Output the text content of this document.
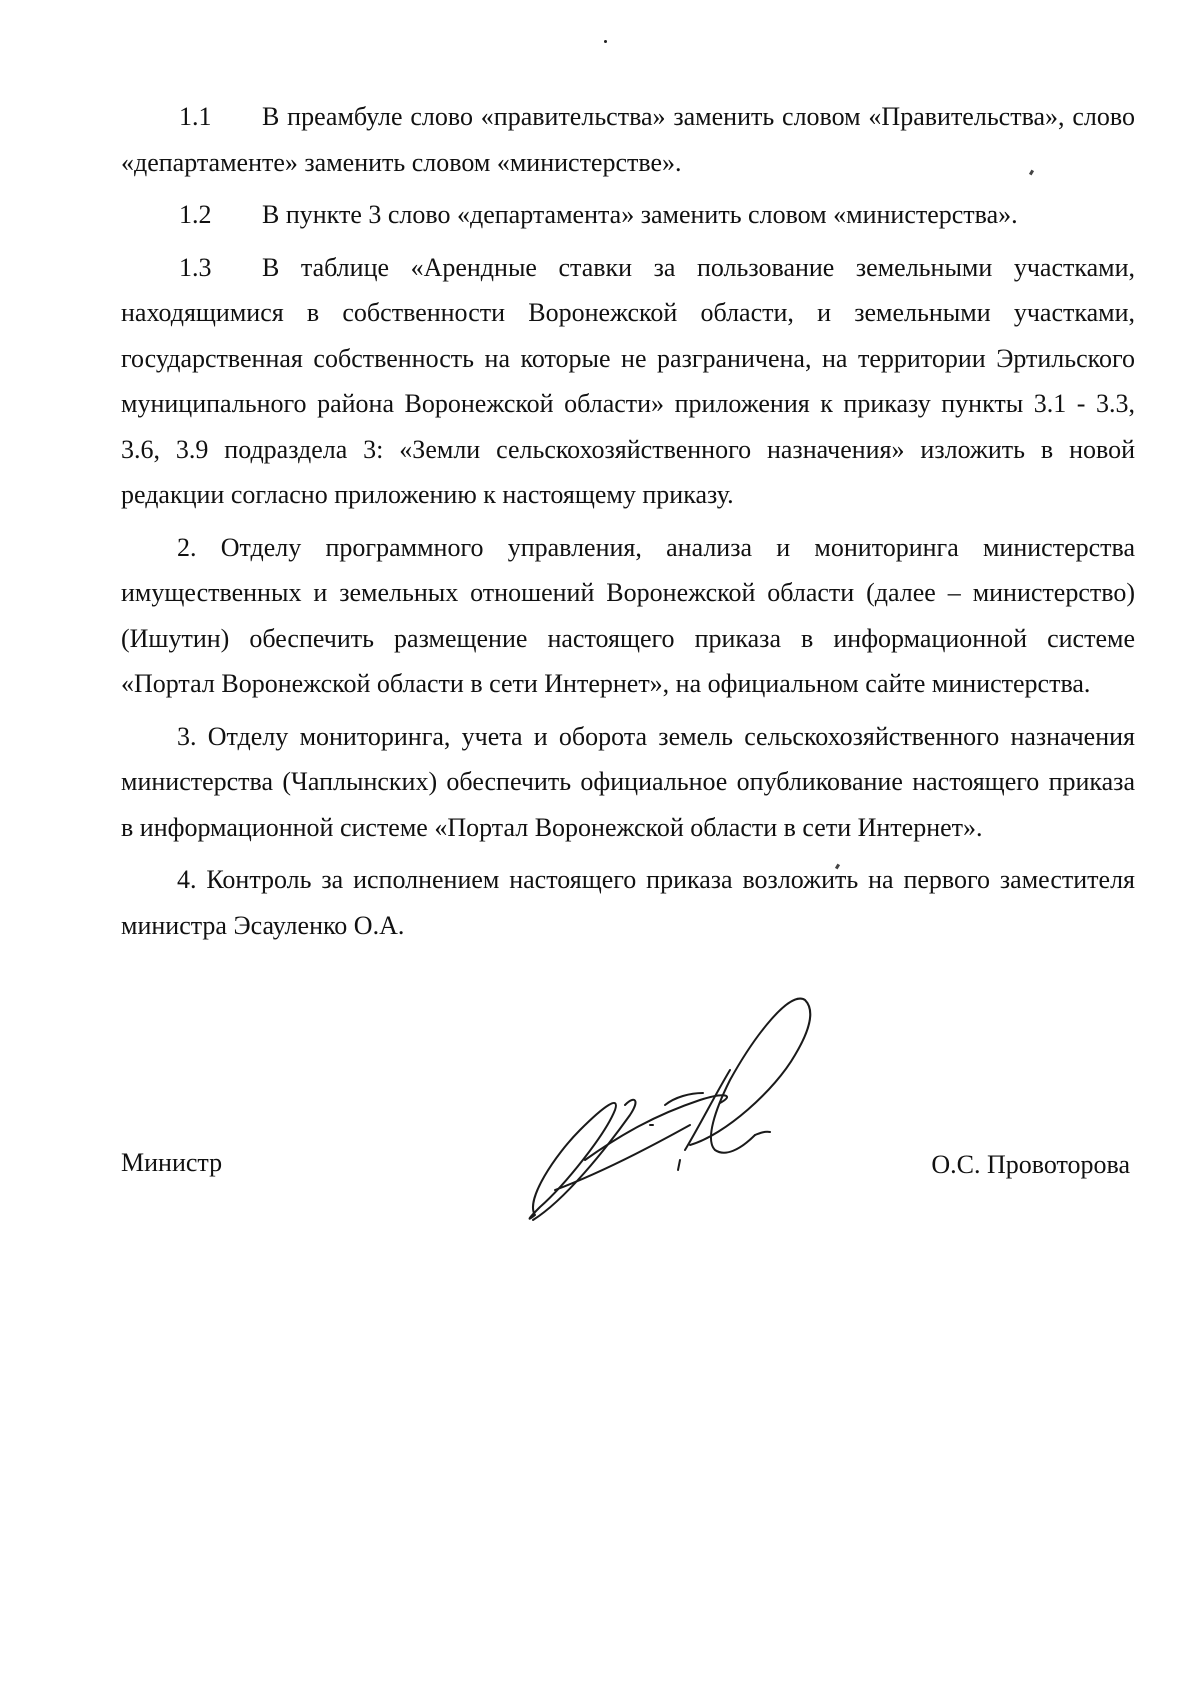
1.1 В преамбуле слово «правительства» заменить словом «Правительства», слово «департаменте» заменить словом «министерстве».

1.2 В пункте 3 слово «департамента» заменить словом «министерства».

1.3 В таблице «Арендные ставки за пользование земельными участками, находящимися в собственности Воронежской области, и земельными участками, государственная собственность на которые не разграничена, на территории Эртильского муниципального района Воронежской области» приложения к приказу пункты 3.1 - 3.3, 3.6, 3.9 подраздела 3: «Земли сельскохозяйственного назначения» изложить в новой редакции согласно приложению к настоящему приказу.

2. Отделу программного управления, анализа и мониторинга министерства имущественных и земельных отношений Воронежской области (далее – министерство) (Ишутин) обеспечить размещение настоящего приказа в информационной системе «Портал Воронежской области в сети Интернет», на официальном сайте министерства.

3. Отделу мониторинга, учета и оборота земель сельскохозяйственного назначения министерства (Чаплынских) обеспечить официальное опубликование настоящего приказа в информационной системе «Портал Воронежской области в сети Интернет».

4. Контроль за исполнением настоящего приказа возложить на первого заместителя министра Эсауленко О.А.

Министр	О.С. Провоторова
